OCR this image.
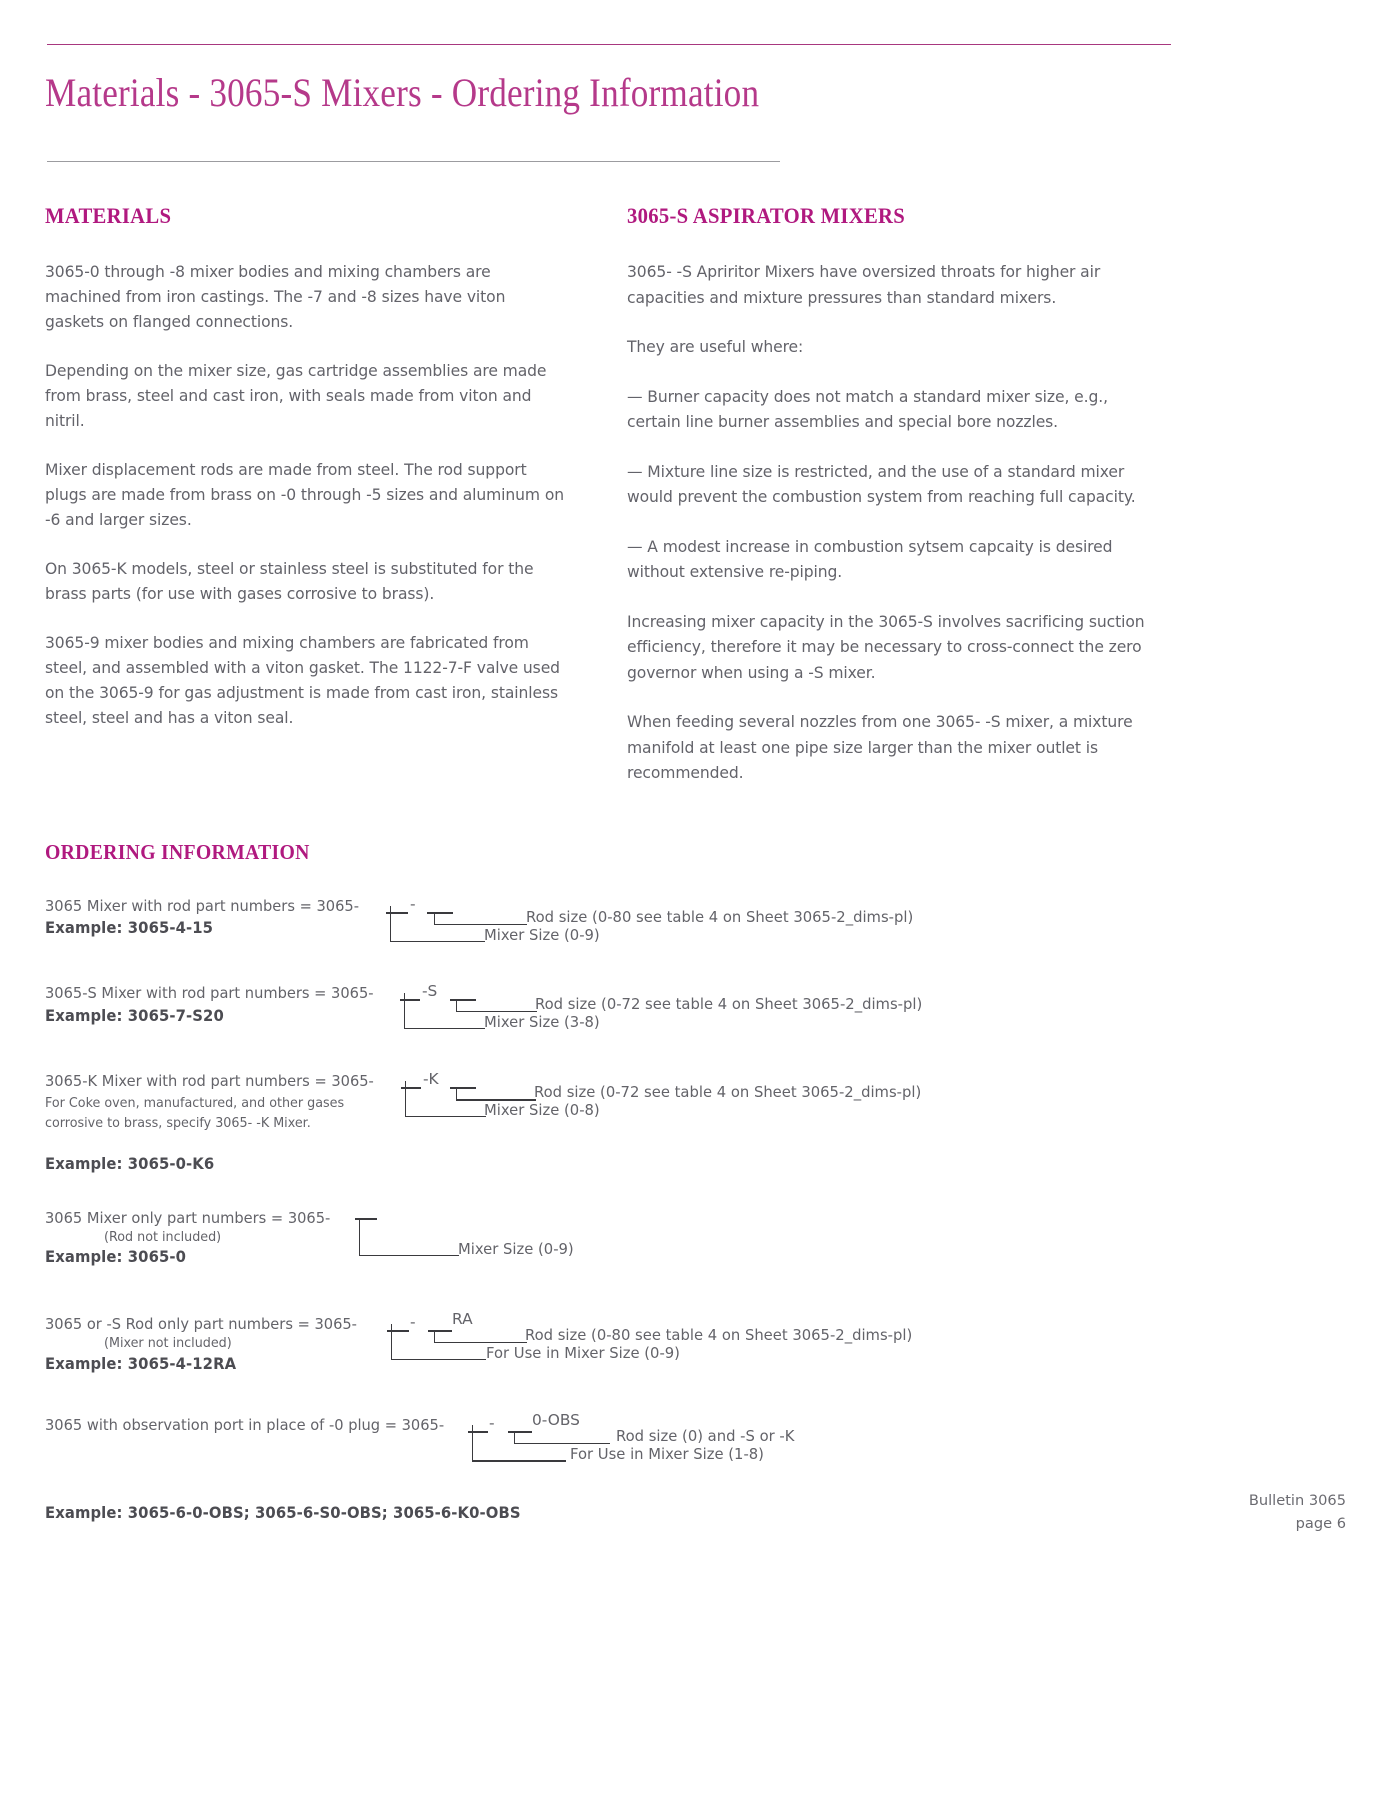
Materials - 3065-S Mixers - Ordering Information
MATERIALS

3065-0 through -8 mixer bodies and mixing chambers are machined from iron castings. The -7 and -8 sizes have viton gaskets on flanged connections.

Depending on the mixer size, gas cartridge assemblies are made from brass, steel and cast iron, with seals made from viton and nitril.

Mixer displacement rods are made from steel. The rod support plugs are made from brass on -0 through -5 sizes and aluminum on -6 and larger sizes.

On 3065-K models, steel or stainless steel is substituted for the brass parts (for use with gases corrosive to brass).

3065-9 mixer bodies and mixing chambers are fabricated from steel, and assembled with a viton gasket. The 1122-7-F valve used on the 3065-9 for gas adjustment is made from cast iron, stainless steel, steel and has a viton seal.

3065-S ASPIRATOR MIXERS

3065- -S Apriritor Mixers have oversized throats for higher air capacities and mixture pressures than standard mixers.

They are useful where:

— Burner capacity does not match a standard mixer size, e.g., certain line burner assemblies and special bore nozzles.

— Mixture line size is restricted, and the use of a standard mixer would prevent the combustion system from reaching full capacity.

— A modest increase in combustion sytsem capcaity is desired without extensive re-piping.

Increasing mixer capacity in the 3065-S involves sacrificing suction efficiency, therefore it may be necessary to cross-connect the zero governor when using a -S mixer.

When feeding several nozzles from one 3065- -S mixer, a mixture manifold at least one pipe size larger than the mixer outlet is recommended.

ORDERING INFORMATION
3065 Mixer with rod part numbers = 3065-	-
Rod size (0-80 see table 4 on Sheet 3065-2_dims-pl)
Mixer Size (0-9)
Example: 3065-4-15
3065-S Mixer with rod part numbers = 3065-	-S
Rod size (0-72 see table 4 on Sheet 3065-2_dims-pl)
Mixer Size (3-8)
Example: 3065-7-S20
3065-K Mixer with rod part numbers = 3065-
For Coke oven, manufactured, and other gases
corrosive to brass, specify 3065- -K Mixer.
-K
Rod size (0-72 see table 4 on Sheet 3065-2_dims-pl)
Mixer Size (0-8)
Example: 3065-0-K6
3065 Mixer only part numbers = 3065-
(Rod not included)
Mixer Size (0-9)
Example: 3065-0
3065 or -S Rod only part numbers = 3065-
(Mixer not included)
- RA
Rod size (0-80 see table 4 on Sheet 3065-2_dims-pl)
For Use in Mixer Size (0-9)
Example: 3065-4-12RA
3065 with observation port in place of -0 plug = 3065-	- 0-OBS
Rod size (0) and -S or -K
For Use in Mixer Size (1-8)
Example: 3065-6-0-OBS; 3065-6-S0-OBS; 3065-6-K0-OBS
Bulletin 3065
page 6
